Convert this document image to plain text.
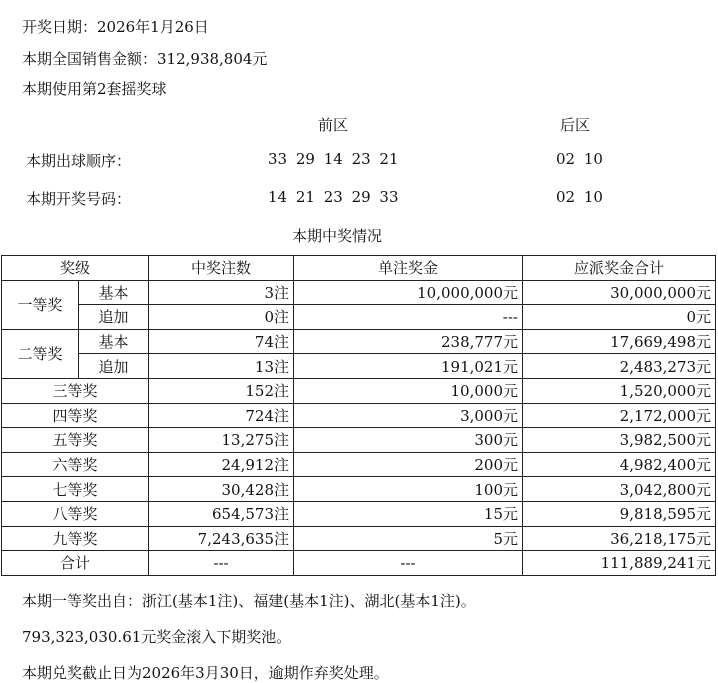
开奖日期：2026年1月26日
本期全国销售金额：312,938,804元
本期使用第2套摇奖球
前区	后区
本期出球顺序：	33 29 14 23 21	02 10
本期开奖号码：	14 21 23 29 33	02 10
本期中奖情况
奖级		中奖注数	单注奖金	应派奖金合计
一等奖	基本	3注	10,000,000元	30,000,000元
	追加	0注	---	0元
二等奖	基本	74注	238,777元	17,669,498元
	追加	13注	191,021元	2,483,273元
三等奖		152注	10,000元	1,520,000元
四等奖		724注	3,000元	2,172,000元
五等奖		13,275注	300元	3,982,500元
六等奖		24,912注	200元	4,982,400元
七等奖		30,428注	100元	3,042,800元
八等奖		654,573注	15元	9,818,595元
九等奖		7,243,635注	5元	36,218,175元
合计		---	---	111,889,241元
本期一等奖出自：浙江(基本1注)、福建(基本1注)、湖北(基本1注)。
793,323,030.61元奖金滚入下期奖池。
本期兑奖截止日为2026年3月30日，逾期作弃奖处理。
